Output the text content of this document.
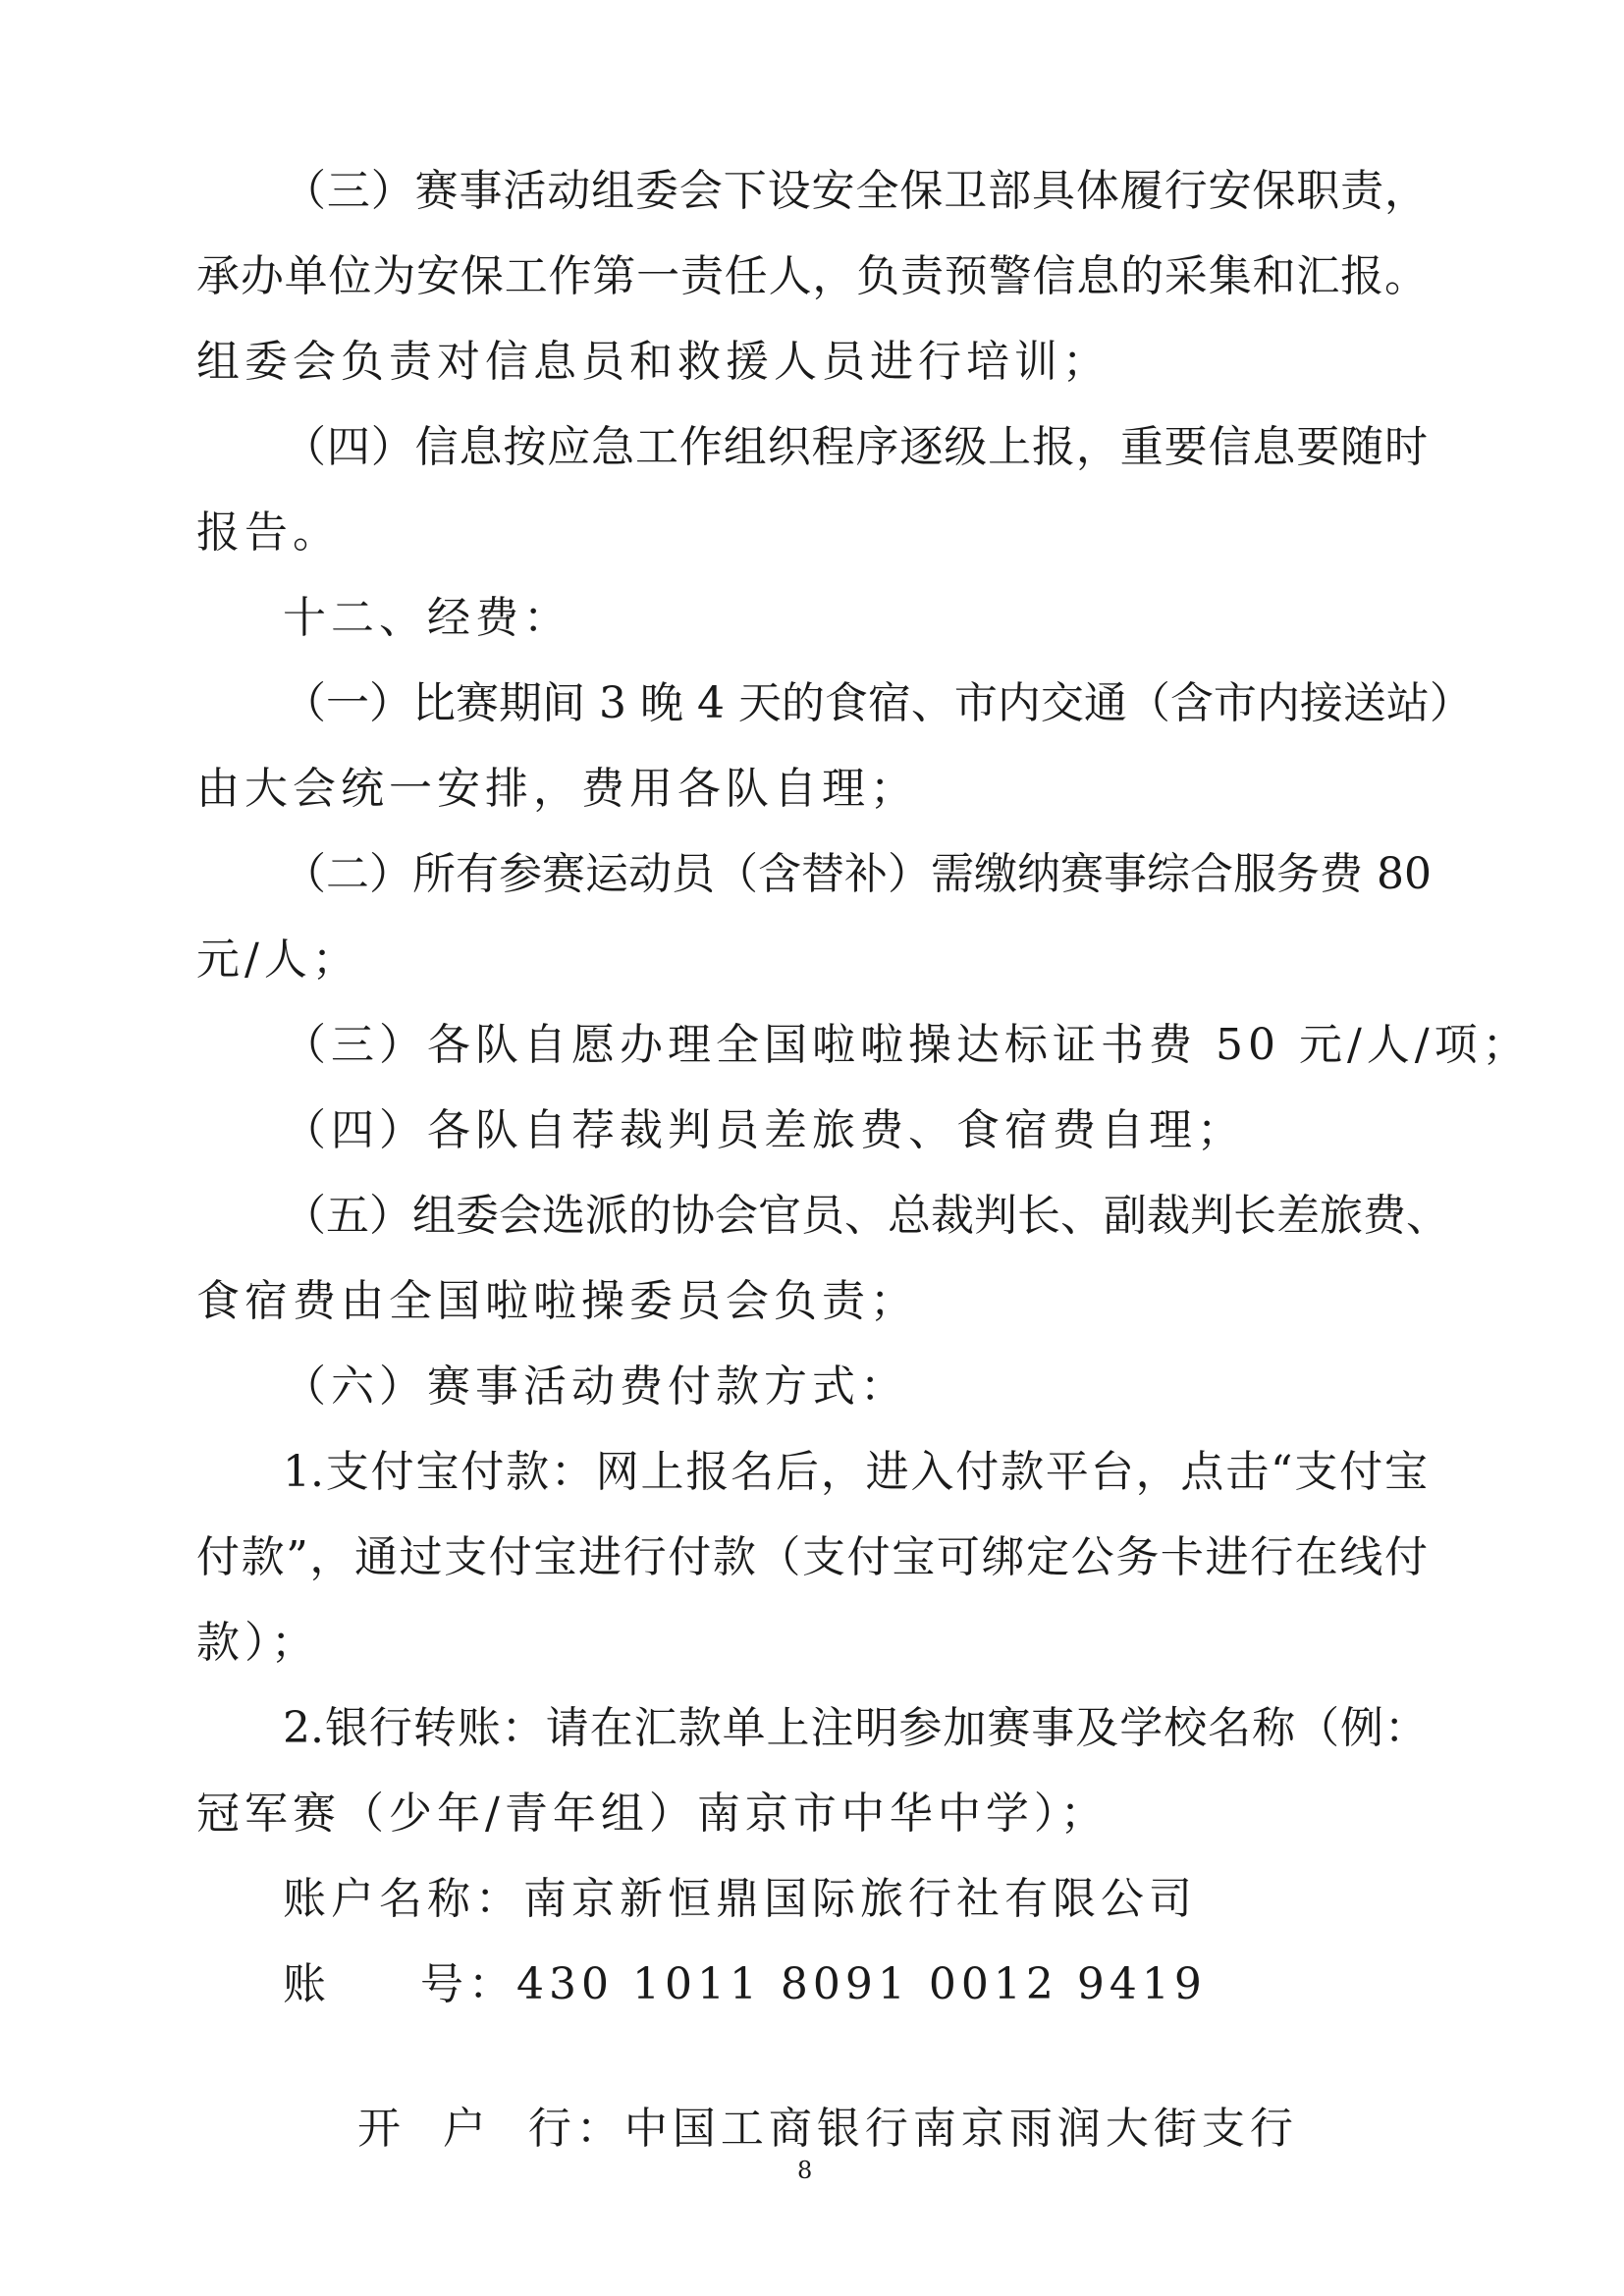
（三）赛事活动组委会下设安全保卫部具体履行安保职责，
承办单位为安保工作第一责任人，负责预警信息的采集和汇报。
组委会负责对信息员和救援人员进行培训；
（四）信息按应急工作组织程序逐级上报，重要信息要随时
报告。
十二、经费：
（一）比赛期间 3 晚 4 天的食宿、市内交通（含市内接送站）
由大会统一安排，费用各队自理；
（二）所有参赛运动员（含替补）需缴纳赛事综合服务费 80
元/人；
（三）各队自愿办理全国啦啦操达标证书费 50 元/人/项；
（四）各队自荐裁判员差旅费、食宿费自理；
（五）组委会选派的协会官员、总裁判长、副裁判长差旅费、
食宿费由全国啦啦操委员会负责；
（六）赛事活动费付款方式：
1.支付宝付款：网上报名后，进入付款平台，点击“支付宝
付款”，通过支付宝进行付款（支付宝可绑定公务卡进行在线付
款）；
2.银行转账：请在汇款单上注明参加赛事及学校名称（例：
冠军赛（少年/青年组）南京市中华中学）；
账户名称：南京新恒鼎国际旅行社有限公司
账 号：430 1011 8091 0012 9419

开  户  行：中国工商银行南京雨润大街支行

8
